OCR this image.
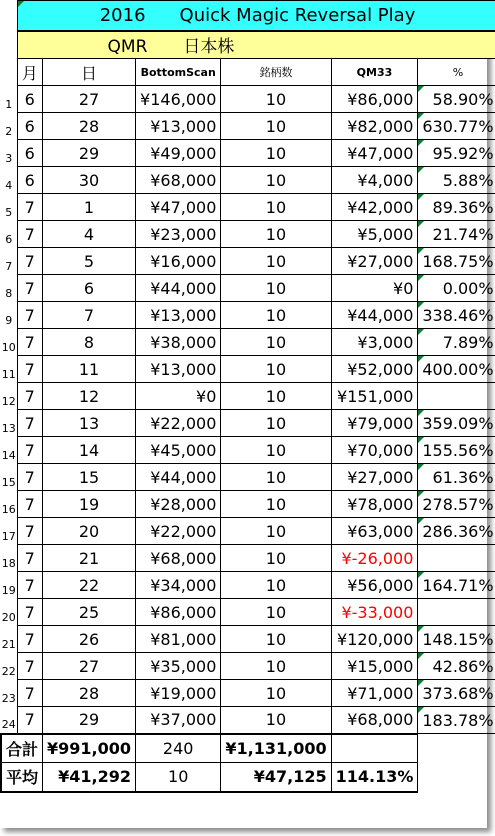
	2016 Quick Magic Reversal Play					
	QMR 日本株					
	月	日	BottomScan	銘柄数	QM33	%
1	6	27	¥146,000	10	¥86,000	58.90%
2	6	28	¥13,000	10	¥82,000	630.77%
3	6	29	¥49,000	10	¥47,000	95.92%
4	6	30	¥68,000	10	¥4,000	5.88%
5	7	1	¥47,000	10	¥42,000	89.36%
6	7	4	¥23,000	10	¥5,000	21.74%
7	7	5	¥16,000	10	¥27,000	168.75%
8	7	6	¥44,000	10	¥0	0.00%
9	7	7	¥13,000	10	¥44,000	338.46%
10	7	8	¥38,000	10	¥3,000	7.89%
11	7	11	¥13,000	10	¥52,000	400.00%
12	7	12	¥0	10	¥151,000	
13	7	13	¥22,000	10	¥79,000	359.09%
14	7	14	¥45,000	10	¥70,000	155.56%
15	7	15	¥44,000	10	¥27,000	61.36%
16	7	19	¥28,000	10	¥78,000	278.57%
17	7	20	¥22,000	10	¥63,000	286.36%
18	7	21	¥68,000	10	¥-26,000	
19	7	22	¥34,000	10	¥56,000	164.71%
20	7	25	¥86,000	10	¥-33,000	
21	7	26	¥81,000	10	¥120,000	148.15%
22	7	27	¥35,000	10	¥15,000	42.86%
23	7	28	¥19,000	10	¥71,000	373.68%
24	7	29	¥37,000	10	¥68,000	183.78%
合計		¥991,000	240	¥1,131,000		
平均		¥41,292	10	¥47,125	114.13%	
